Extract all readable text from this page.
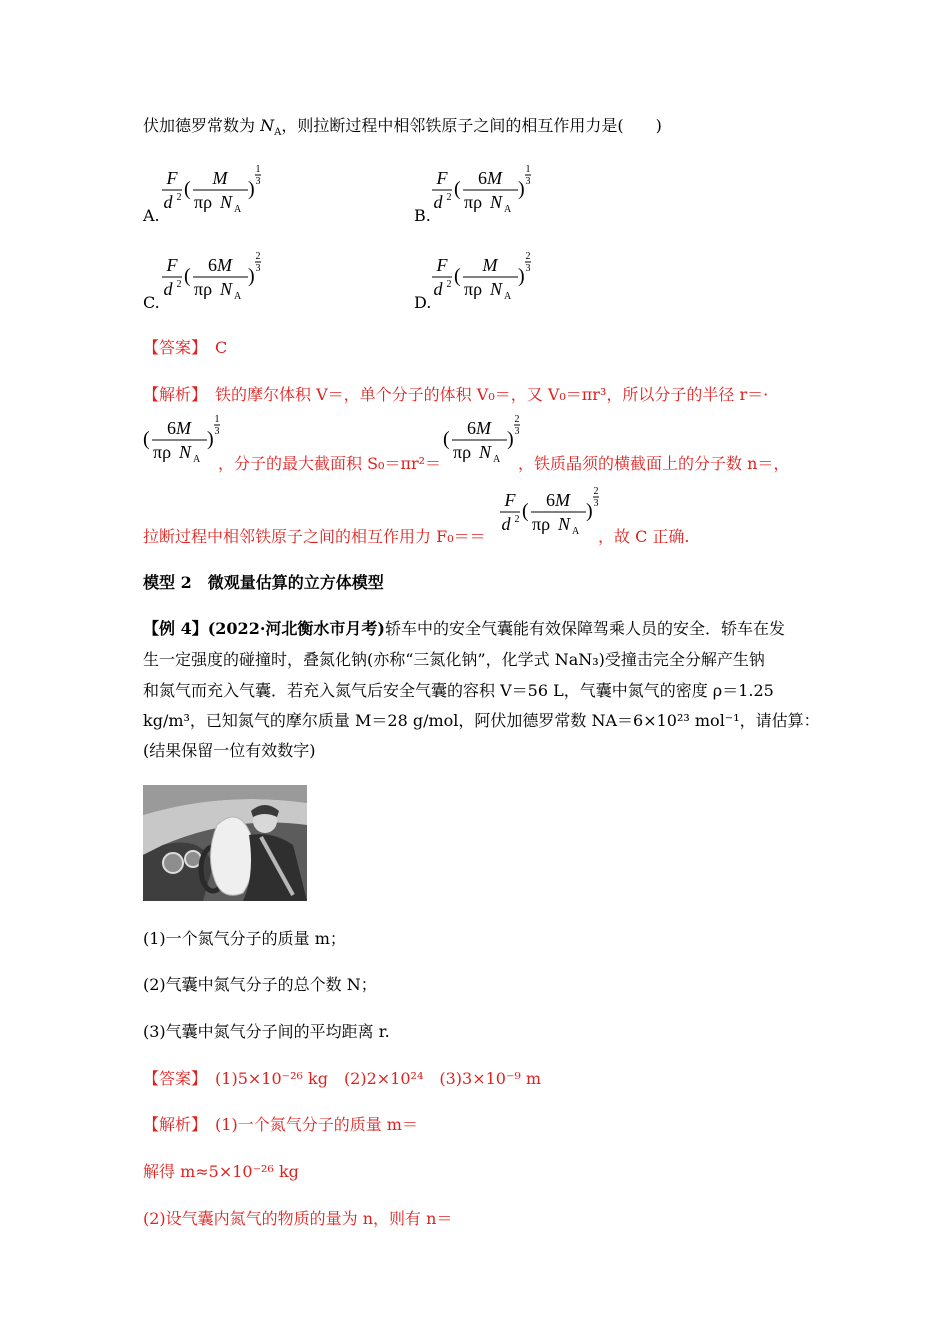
伏加德罗常数为 $N_A$，则拉断过程中相邻铁原子之间的相互作用力是(　　)
A.
F
d 2 ( M
πρ N A
)
1
3
B.
F
d 2 ( 6M
πρ N A
)
1
3
C.
F
d 2 ( 6M
πρ N A
)
2
3
D.
F
d 2 ( M
πρ N A
)
2
3
【答案】　 C
【解析】　 铁的摩尔体积 V＝，单个分子的体积 V₀＝，又 V₀＝πr³，所以分子的半径 r＝·
( 6M
πρ N A
)
1
3
，分子的最大截面积 S₀＝πr²＝
( 6M
πρ N A
)
2
3
，铁质晶须的横截面上的分子数 n＝，
拉断过程中相邻铁原子之间的相互作用力 F₀＝＝
F
d 2 ( 6M
πρ N A
)
2
3
，故 C 正确.
模型 2　微观量估算的立方体模型
【例 4】(2022·河北衡水市月考)轿车中的安全气囊能有效保障驾乘人员的安全．轿车在发
生一定强度的碰撞时，叠氮化钠(亦称“三氮化钠”，化学式 NaN₃)受撞击完全分解产生钠
和氮气而充入气囊．若充入氮气后安全气囊的容积 V＝56 L，气囊中氮气的密度 ρ＝1.25
kg/m³，已知氮气的摩尔质量 M＝28 g/mol，阿伏加德罗常数 NA＝6×10²³ mol⁻¹，请估算：
(结果保留一位有效数字)
(1)一个氮气分子的质量 m；
(2)气囊中氮气分子的总个数 N；
(3)气囊中氮气分子间的平均距离 r.
【答案】　 (1)5×10⁻²⁶ kg　(2)2×10²⁴　(3)3×10⁻⁹ m
【解析】　 (1)一个氮气分子的质量 m＝
解得 m≈5×10⁻²⁶ kg
(2)设气囊内氮气的物质的量为 n，则有 n＝
